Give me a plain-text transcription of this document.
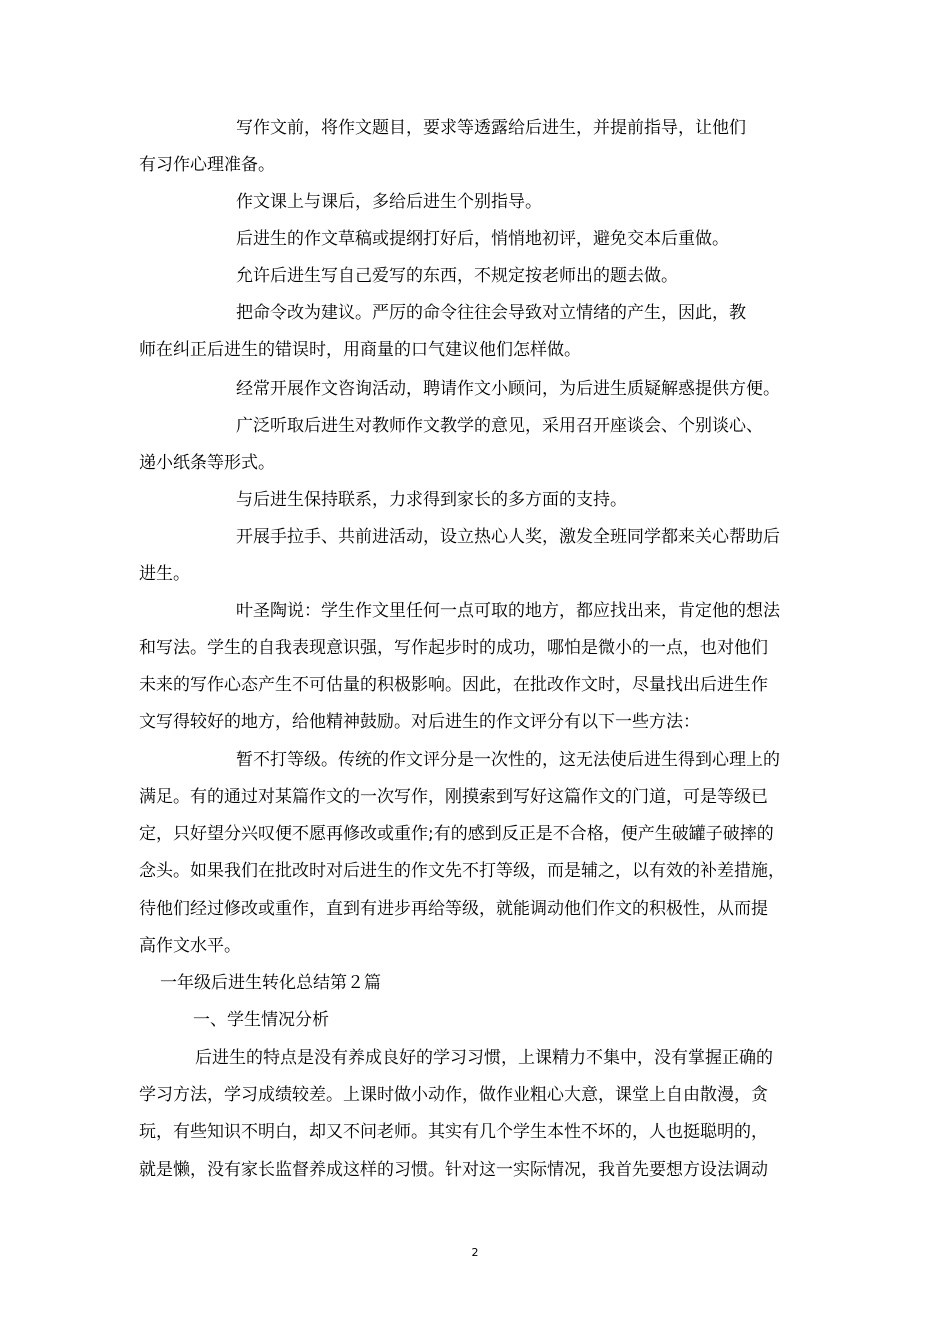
写作文前，将作文题目，要求等透露给后进生，并提前指导，让他们

有习作心理准备。

作文课上与课后，多给后进生个别指导。

后进生的作文草稿或提纲打好后，悄悄地初评，避免交本后重做。

允许后进生写自己爱写的东西，不规定按老师出的题去做。

把命令改为建议。严厉的命令往往会导致对立情绪的产生，因此，教

师在纠正后进生的错误时，用商量的口气建议他们怎样做。

经常开展作文咨询活动，聘请作文小顾问，为后进生质疑解惑提供方便。

广泛听取后进生对教师作文教学的意见，采用召开座谈会、个别谈心、

递小纸条等形式。

与后进生保持联系，力求得到家长的多方面的支持。

开展手拉手、共前进活动，设立热心人奖，激发全班同学都来关心帮助后

进生。

叶圣陶说：学生作文里任何一点可取的地方，都应找出来，肯定他的想法

和写法。学生的自我表现意识强，写作起步时的成功，哪怕是微小的一点，也对他们

未来的写作心态产生不可估量的积极影响。因此，在批改作文时，尽量找出后进生作

文写得较好的地方，给他精神鼓励。对后进生的作文评分有以下一些方法：

暂不打等级。传统的作文评分是一次性的，这无法使后进生得到心理上的

满足。有的通过对某篇作文的一次写作，刚摸索到写好这篇作文的门道，可是等级已

定，只好望分兴叹便不愿再修改或重作;有的感到反正是不合格，便产生破罐子破摔的

念头。如果我们在批改时对后进生的作文先不打等级，而是辅之，以有效的补差措施，

待他们经过修改或重作，直到有进步再给等级，就能调动他们作文的积极性，从而提

高作文水平。

一年级后进生转化总结第２篇

一、学生情况分析

后进生的特点是没有养成良好的学习习惯，上课精力不集中，没有掌握正确的

学习方法，学习成绩较差。上课时做小动作，做作业粗心大意，课堂上自由散漫，贪

玩，有些知识不明白，却又不问老师。其实有几个学生本性不坏的，人也挺聪明的，

就是懒，没有家长监督养成这样的习惯。针对这一实际情况，我首先要想方设法调动

2
